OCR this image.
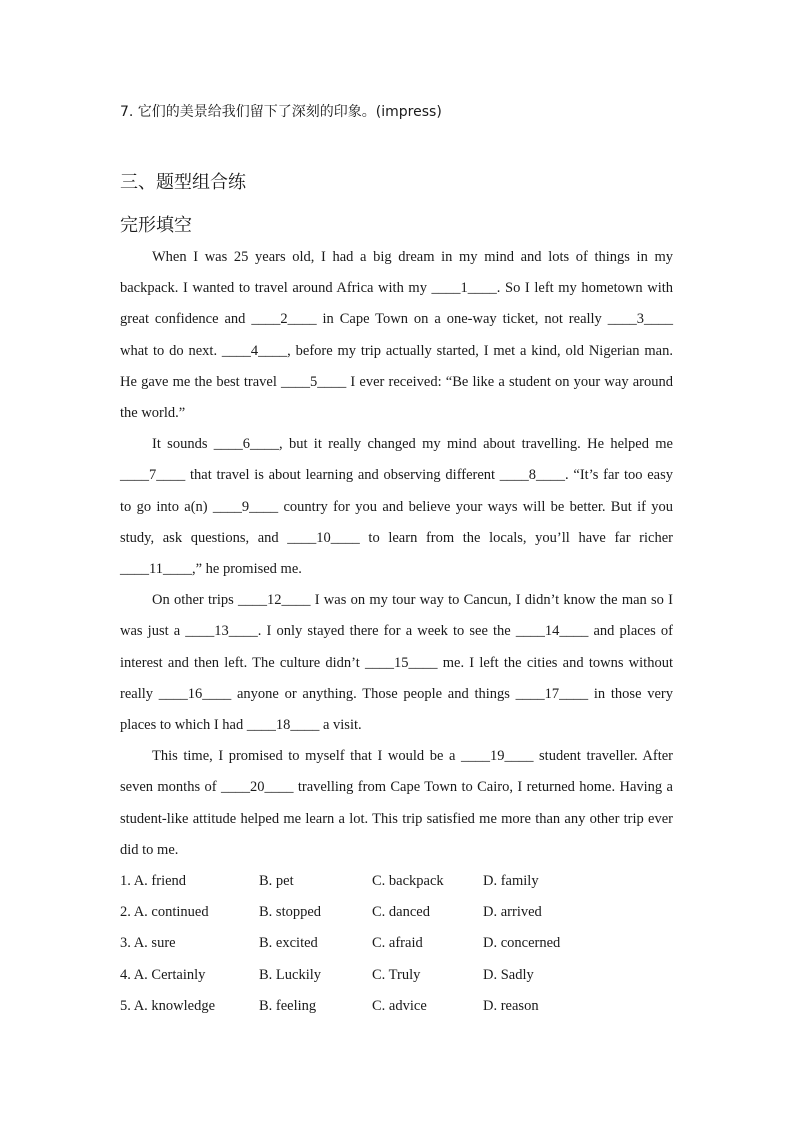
7. 它们的美景给我们留下了深刻的印象。(impress)
三、题型组合练
完形填空

When I was 25 years old, I had a big dream in my mind and lots of things in my backpack. I wanted to travel around Africa with my ____1____. So I left my hometown with great confidence and ____2____ in Cape Town on a one-way ticket, not really ____3____ what to do next. ____4____, before my trip actually started, I met a kind, old Nigerian man. He gave me the best travel ____5____ I ever received: “Be like a student on your way around the world.”

It sounds ____6____, but it really changed my mind about travelling. He helped me ____7____ that travel is about learning and observing different ____8____. “It’s far too easy to go into a(n) ____9____ country for you and believe your ways will be better. But if you study, ask questions, and ____10____ to learn from the locals, you’ll have far richer ____11____,” he promised me.

On other trips ____12____ I was on my tour way to Cancun, I didn’t know the man so I was just a ____13____. I only stayed there for a week to see the ____14____ and places of interest and then left. The culture didn’t ____15____ me. I left the cities and towns without really ____16____ anyone or anything. Those people and things ____17____ in those very places to which I had ____18____ a visit.

This time, I promised to myself that I would be a ____19____ student traveller. After seven months of ____20____ travelling from Cape Town to Cairo, I returned home. Having a student-like attitude helped me learn a lot. This trip satisfied me more than any other trip ever did to me.

1. A. friend	B. pet	C. backpack	D. family
2. A. continued	B. stopped	C. danced	D. arrived
3. A. sure	B. excited	C. afraid	D. concerned
4. A. Certainly	B. Luckily	C. Truly	D. Sadly
5. A. knowledge	B. feeling	C. advice	D. reason
